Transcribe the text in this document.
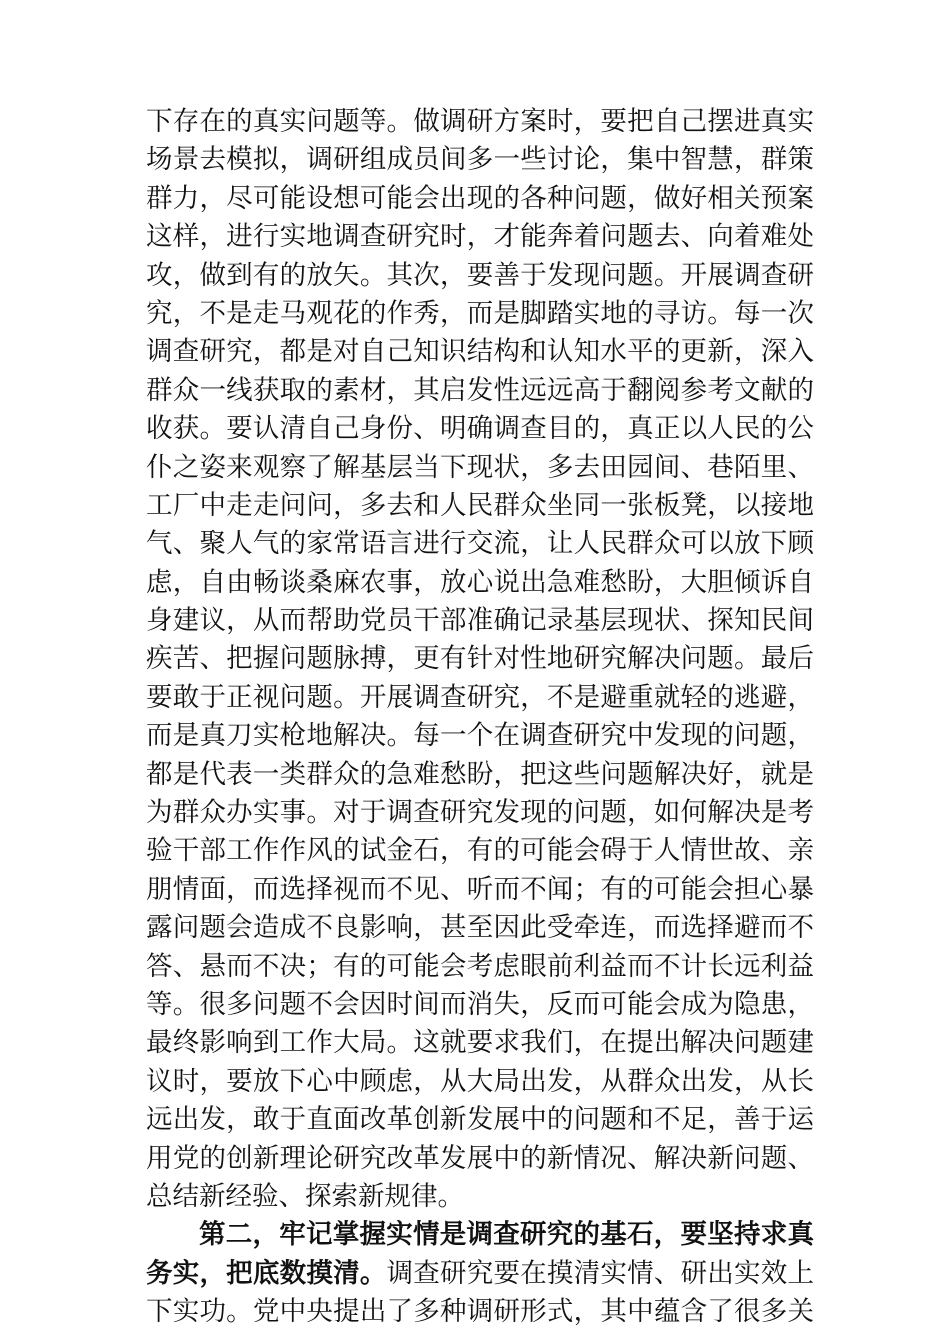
下存在的真实问题等。做调研方案时，要把自己摆进真实
场景去模拟，调研组成员间多一些讨论，集中智慧，群策
群力，尽可能设想可能会出现的各种问题，做好相关预案
这样，进行实地调查研究时，才能奔着问题去、向着难处
攻，做到有的放矢。其次，要善于发现问题。开展调查研
究，不是走马观花的作秀，而是脚踏实地的寻访。每一次
调查研究，都是对自己知识结构和认知水平的更新，深入
群众一线获取的素材，其启发性远远高于翻阅参考文献的
收获。要认清自己身份、明确调查目的，真正以人民的公
仆之姿来观察了解基层当下现状，多去田园间、巷陌里、
工厂中走走问问，多去和人民群众坐同一张板凳，以接地
气、聚人气的家常语言进行交流，让人民群众可以放下顾
虑，自由畅谈桑麻农事，放心说出急难愁盼，大胆倾诉自
身建议，从而帮助党员干部准确记录基层现状、探知民间
疾苦、把握问题脉搏，更有针对性地研究解决问题。最后
要敢于正视问题。开展调查研究，不是避重就轻的逃避，
而是真刀实枪地解决。每一个在调查研究中发现的问题，
都是代表一类群众的急难愁盼，把这些问题解决好，就是
为群众办实事。对于调查研究发现的问题，如何解决是考
验干部工作作风的试金石，有的可能会碍于人情世故、亲
朋情面，而选择视而不见、听而不闻；有的可能会担心暴
露问题会造成不良影响，甚至因此受牵连，而选择避而不
答、悬而不决；有的可能会考虑眼前利益而不计长远利益
等。很多问题不会因时间而消失，反而可能会成为隐患，
最终影响到工作大局。这就要求我们，在提出解决问题建
议时，要放下心中顾虑，从大局出发，从群众出发，从长
远出发，敢于直面改革创新发展中的问题和不足，善于运
用党的创新理论研究改革发展中的新情况、解决新问题、
总结新经验、探索新规律。
第二，牢记掌握实情是调查研究的基石，要坚持求真
务实，把底数摸清。调查研究要在摸清实情、研出实效上
下实功。党中央提出了多种调研形式，其中蕴含了很多关
